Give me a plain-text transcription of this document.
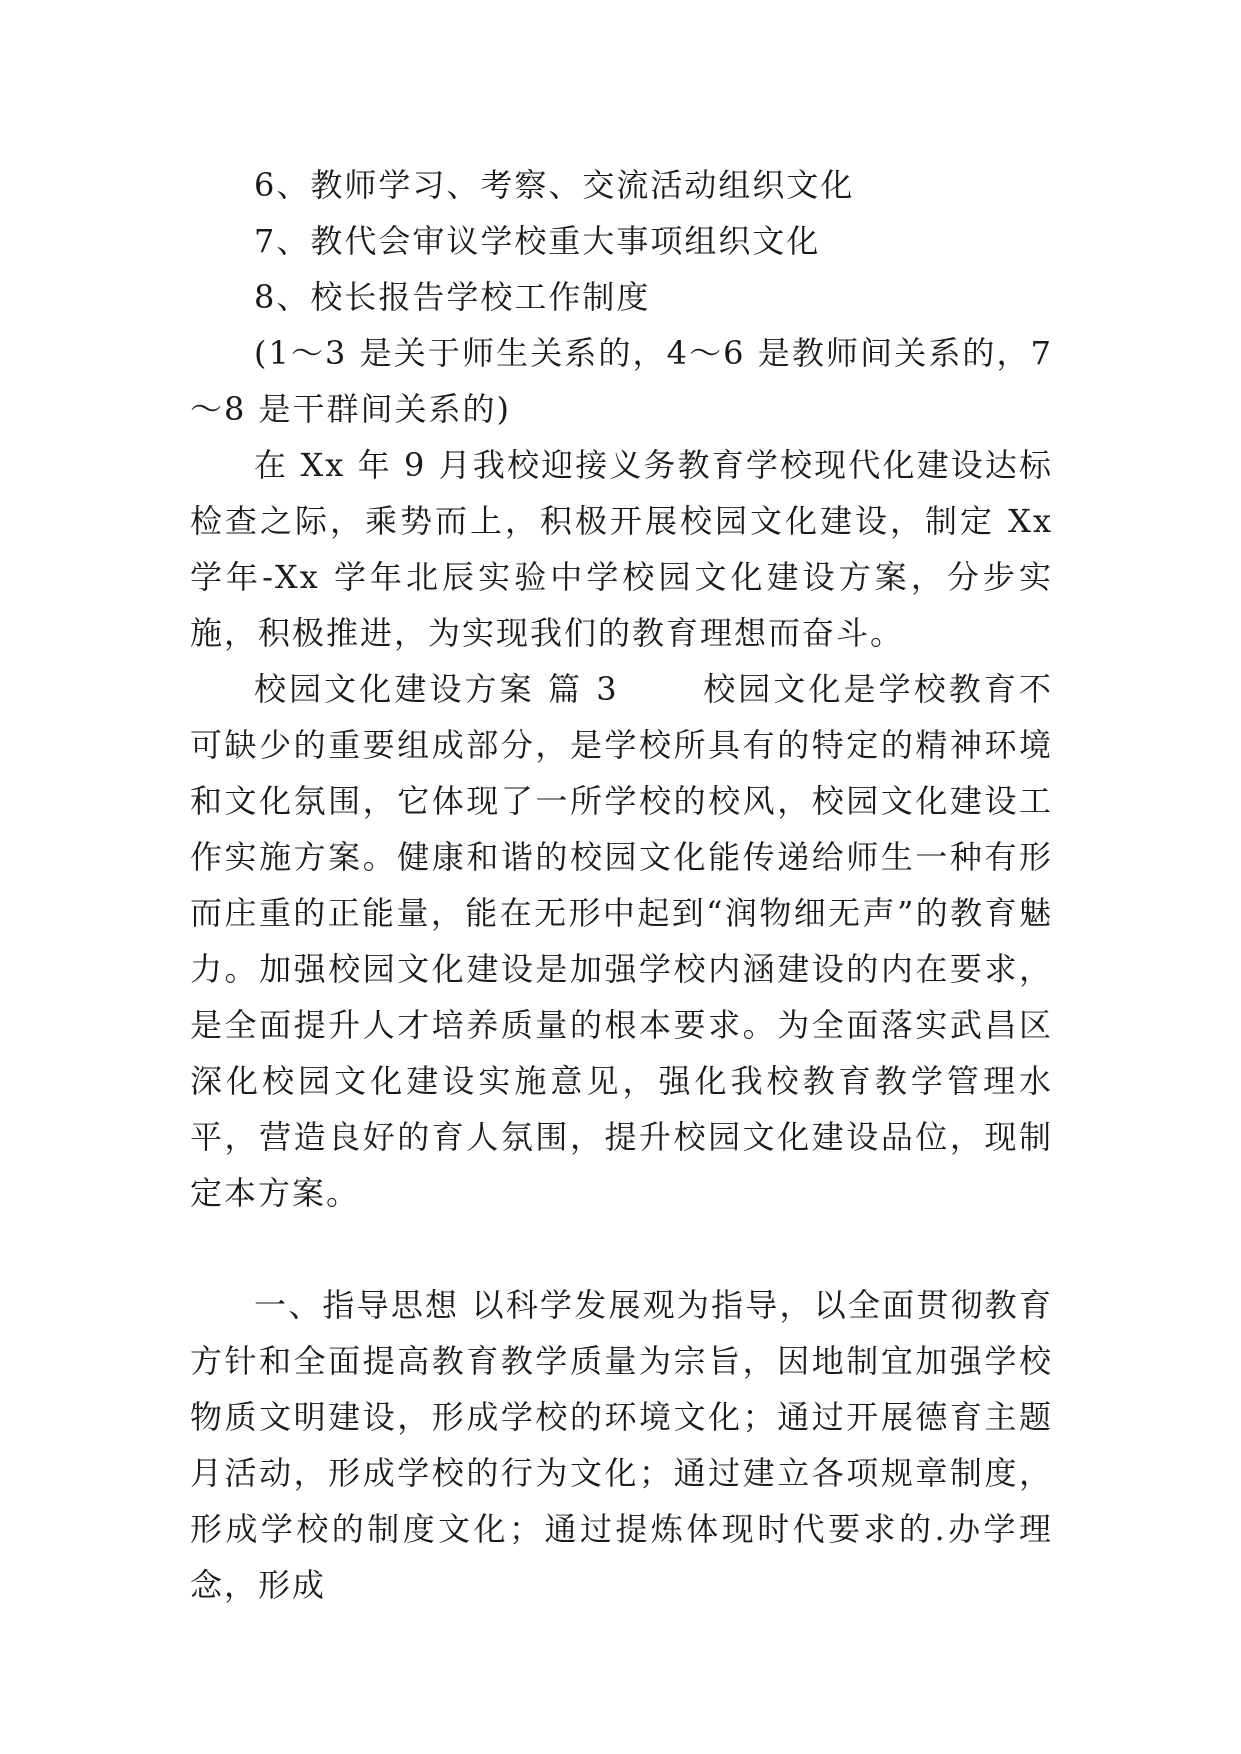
6、教师学习、考察、交流活动组织文化

7、教代会审议学校重大事项组织文化

8、校长报告学校工作制度

(1～3 是关于师生关系的，4～6 是教师间关系的，7～8 是干群间关系的)

在 Xx 年 9 月我校迎接义务教育学校现代化建设达标检查之际，乘势而上，积极开展校园文化建设，制定 Xx 学年-Xx 学年北辰实验中学校园文化建设方案，分步实施，积极推进，为实现我们的教育理想而奋斗。

校园文化建设方案 篇 3　　 校园文化是学校教育不可缺少的重要组成部分，是学校所具有的特定的精神环境和文化氛围，它体现了一所学校的校风，校园文化建设工作实施方案。健康和谐的校园文化能传递给师生一种有形而庄重的正能量，能在无形中起到“润物细无声”的教育魅力。加强校园文化建设是加强学校内涵建设的内在要求，是全面提升人才培养质量的根本要求。为全面落实武昌区深化校园文化建设实施意见，强化我校教育教学管理水平，营造良好的育人氛围，提升校园文化建设品位，现制定本方案。

一、指导思想 以科学发展观为指导，以全面贯彻教育方针和全面提高教育教学质量为宗旨，因地制宜加强学校物质文明建设，形成学校的环境文化；通过开展德育主题月活动，形成学校的行为文化；通过建立各项规章制度，形成学校的制度文化；通过提炼体现时代要求的.办学理念，形成
